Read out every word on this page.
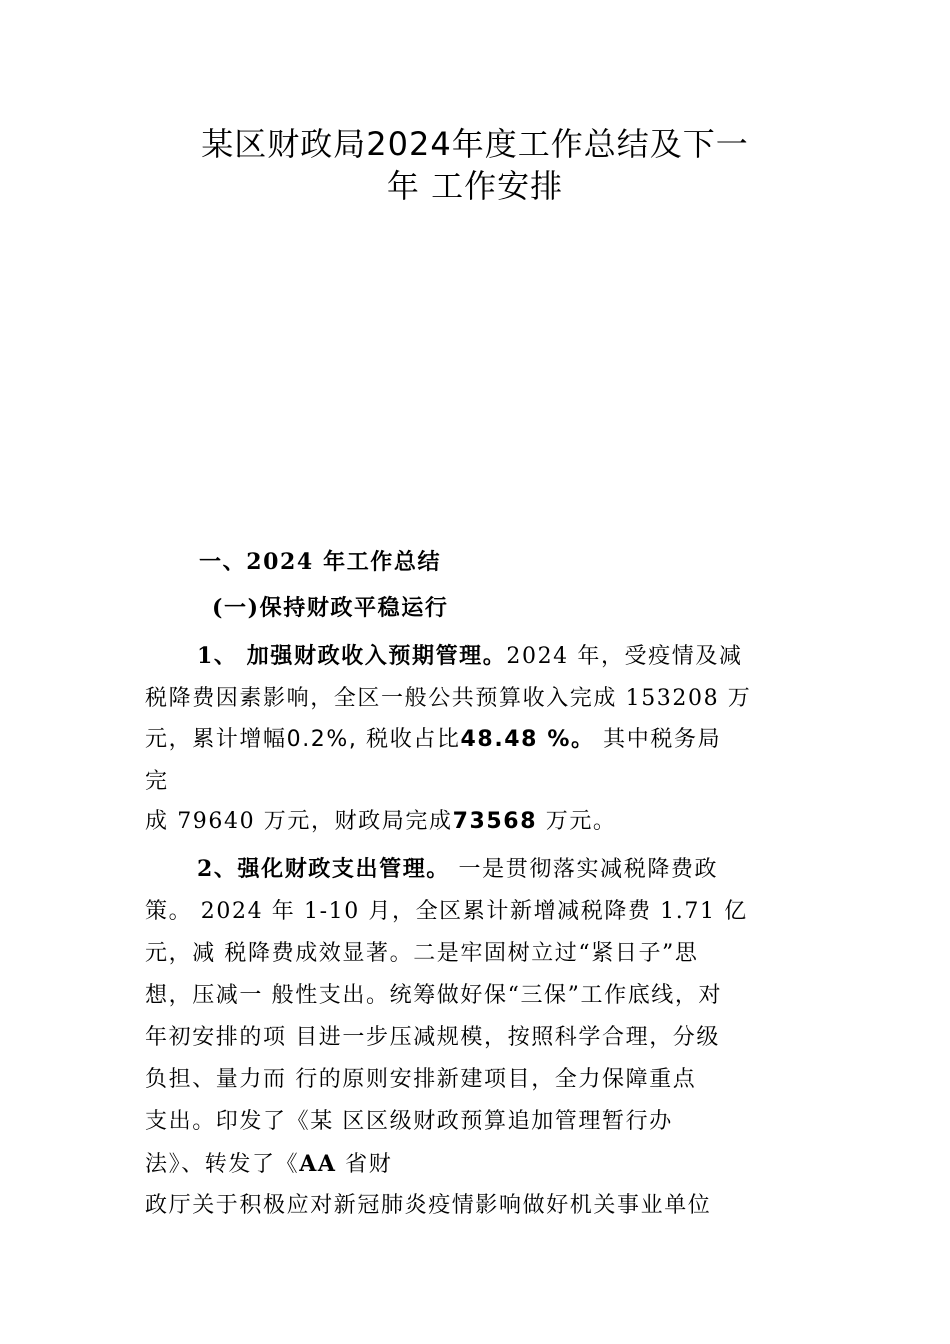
某区财政局2024年度工作总结及下一
年 工作安排
一、2024 年工作总结
(一)保持财政平稳运行
1、 加强财政收入预期管理。2024 年，受疫情及减
税降费因素影响，全区一般公共预算收入完成 153208 万
元，累计增幅0.2%, 税收占比48.48 %。 其中税务局
完
成 79640 万元，财政局完成73568 万元。
2、强化财政支出管理。 一是贯彻落实减税降费政
策。 2024 年 1-10 月，全区累计新增减税降费 1.71 亿
元，减 税降费成效显著。二是牢固树立过“紧日子”思
想，压减一 般性支出。统筹做好保“三保”工作底线，对
年初安排的项 目进一步压减规模，按照科学合理，分级
负担、量力而 行的原则安排新建项目，全力保障重点
支出。印发了《某 区区级财政预算追加管理暂行办
法》、转发了《AA 省财
政厅关于积极应对新冠肺炎疫情影响做好机关事业单位
